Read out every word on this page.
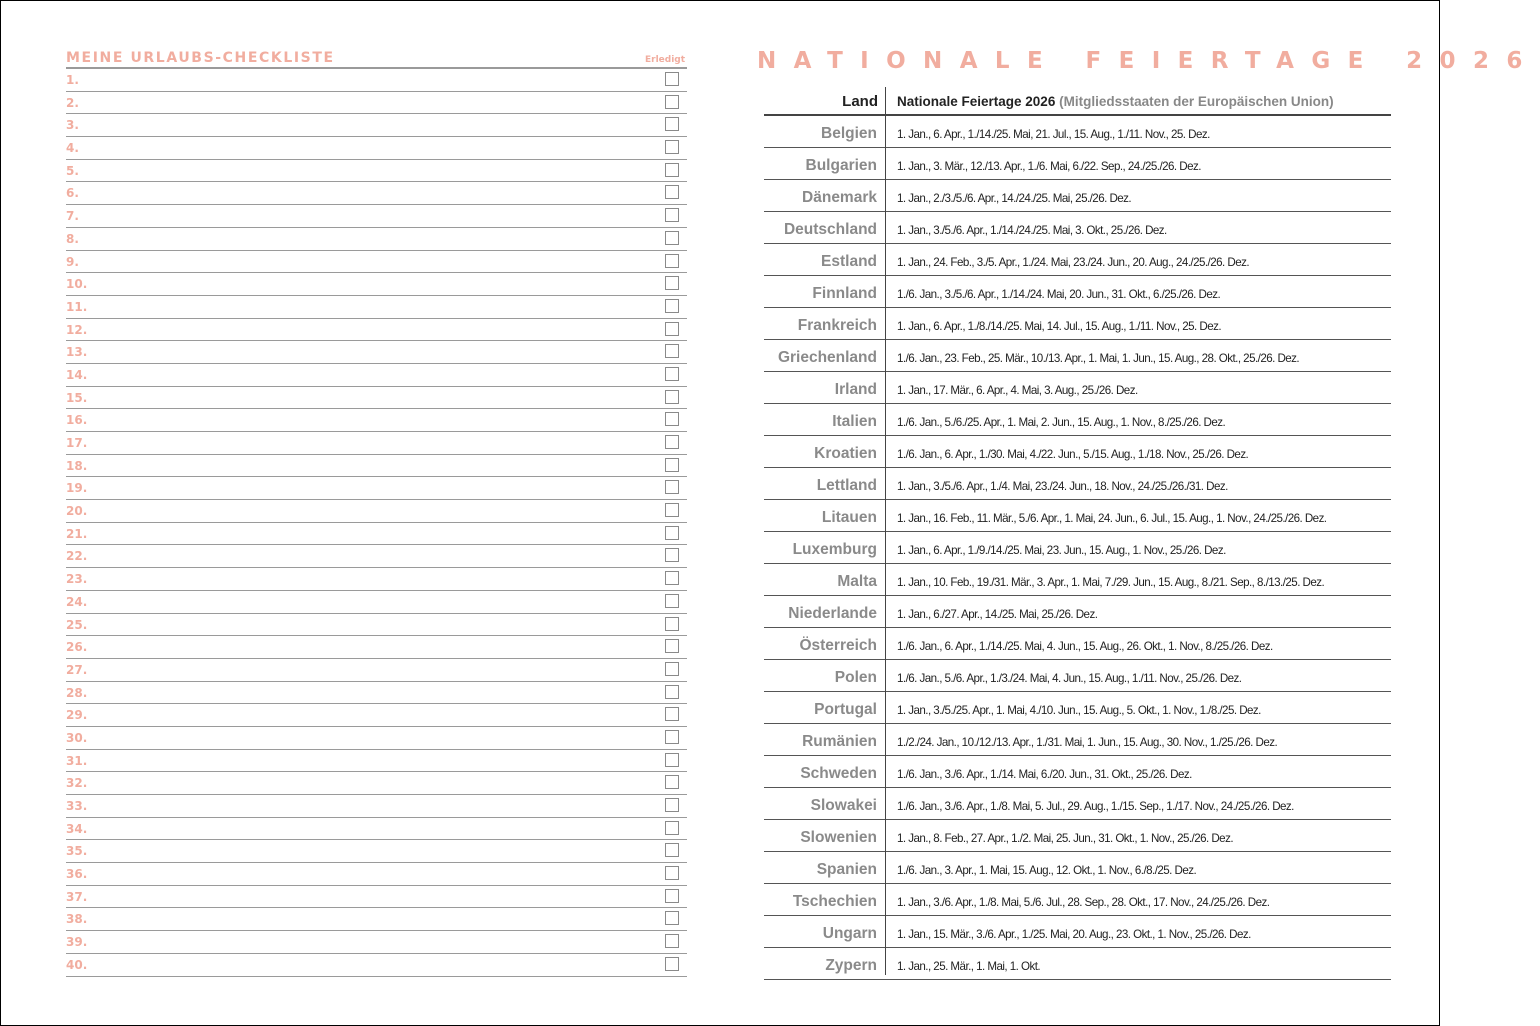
MEINE URLAUBS-CHECKLISTE	Erledigt
1.
2.
3.
4.
5.
6.
7.
8.
9.
10.
11.
12.
13.
14.
15.
16.
17.
18.
19.
20.
21.
22.
23.
24.
25.
26.
27.
28.
29.
30.
31.
32.
33.
34.
35.
36.
37.
38.
39.
40.
NATIONALE FEIERTAGE 2026
Land Nationale Feiertage 2026 (Mitgliedsstaaten der Europäischen Union)
Belgien 1. Jan., 6. Apr., 1./14./25. Mai, 21. Jul., 15. Aug., 1./11. Nov., 25. Dez.
Bulgarien 1. Jan., 3. Mär., 12./13. Apr., 1./6. Mai, 6./22. Sep., 24./25./26. Dez.
Dänemark 1. Jan., 2./3./5./6. Apr., 14./24./25. Mai, 25./26. Dez.
Deutschland 1. Jan., 3./5./6. Apr., 1./14./24./25. Mai, 3. Okt., 25./26. Dez.
Estland 1. Jan., 24. Feb., 3./5. Apr., 1./24. Mai, 23./24. Jun., 20. Aug., 24./25./26. Dez.
Finnland 1./6. Jan., 3./5./6. Apr., 1./14./24. Mai, 20. Jun., 31. Okt., 6./25./26. Dez.
Frankreich 1. Jan., 6. Apr., 1./8./14./25. Mai, 14. Jul., 15. Aug., 1./11. Nov., 25. Dez.
Griechenland 1./6. Jan., 23. Feb., 25. Mär., 10./13. Apr., 1. Mai, 1. Jun., 15. Aug., 28. Okt., 25./26. Dez.
Irland 1. Jan., 17. Mär., 6. Apr., 4. Mai, 3. Aug., 25./26. Dez.
Italien 1./6. Jan., 5./6./25. Apr., 1. Mai, 2. Jun., 15. Aug., 1. Nov., 8./25./26. Dez.
Kroatien 1./6. Jan., 6. Apr., 1./30. Mai, 4./22. Jun., 5./15. Aug., 1./18. Nov., 25./26. Dez.
Lettland 1. Jan., 3./5./6. Apr., 1./4. Mai, 23./24. Jun., 18. Nov., 24./25./26./31. Dez.
Litauen 1. Jan., 16. Feb., 11. Mär., 5./6. Apr., 1. Mai, 24. Jun., 6. Jul., 15. Aug., 1. Nov., 24./25./26. Dez.
Luxemburg 1. Jan., 6. Apr., 1./9./14./25. Mai, 23. Jun., 15. Aug., 1. Nov., 25./26. Dez.
Malta 1. Jan., 10. Feb., 19./31. Mär., 3. Apr., 1. Mai, 7./29. Jun., 15. Aug., 8./21. Sep., 8./13./25. Dez.
Niederlande 1. Jan., 6./27. Apr., 14./25. Mai, 25./26. Dez.
Österreich 1./6. Jan., 6. Apr., 1./14./25. Mai, 4. Jun., 15. Aug., 26. Okt., 1. Nov., 8./25./26. Dez.
Polen 1./6. Jan., 5./6. Apr., 1./3./24. Mai, 4. Jun., 15. Aug., 1./11. Nov., 25./26. Dez.
Portugal 1. Jan., 3./5./25. Apr., 1. Mai, 4./10. Jun., 15. Aug., 5. Okt., 1. Nov., 1./8./25. Dez.
Rumänien 1./2./24. Jan., 10./12./13. Apr., 1./31. Mai, 1. Jun., 15. Aug., 30. Nov., 1./25./26. Dez.
Schweden 1./6. Jan., 3./6. Apr., 1./14. Mai, 6./20. Jun., 31. Okt., 25./26. Dez.
Slowakei 1./6. Jan., 3./6. Apr., 1./8. Mai, 5. Jul., 29. Aug., 1./15. Sep., 1./17. Nov., 24./25./26. Dez.
Slowenien 1. Jan., 8. Feb., 27. Apr., 1./2. Mai, 25. Jun., 31. Okt., 1. Nov., 25./26. Dez.
Spanien 1./6. Jan., 3. Apr., 1. Mai, 15. Aug., 12. Okt., 1. Nov., 6./8./25. Dez.
Tschechien 1. Jan., 3./6. Apr., 1./8. Mai, 5./6. Jul., 28. Sep., 28. Okt., 17. Nov., 24./25./26. Dez.
Ungarn 1. Jan., 15. Mär., 3./6. Apr., 1./25. Mai, 20. Aug., 23. Okt., 1. Nov., 25./26. Dez.
Zypern 1. Jan., 25. Mär., 1. Mai, 1. Okt.
